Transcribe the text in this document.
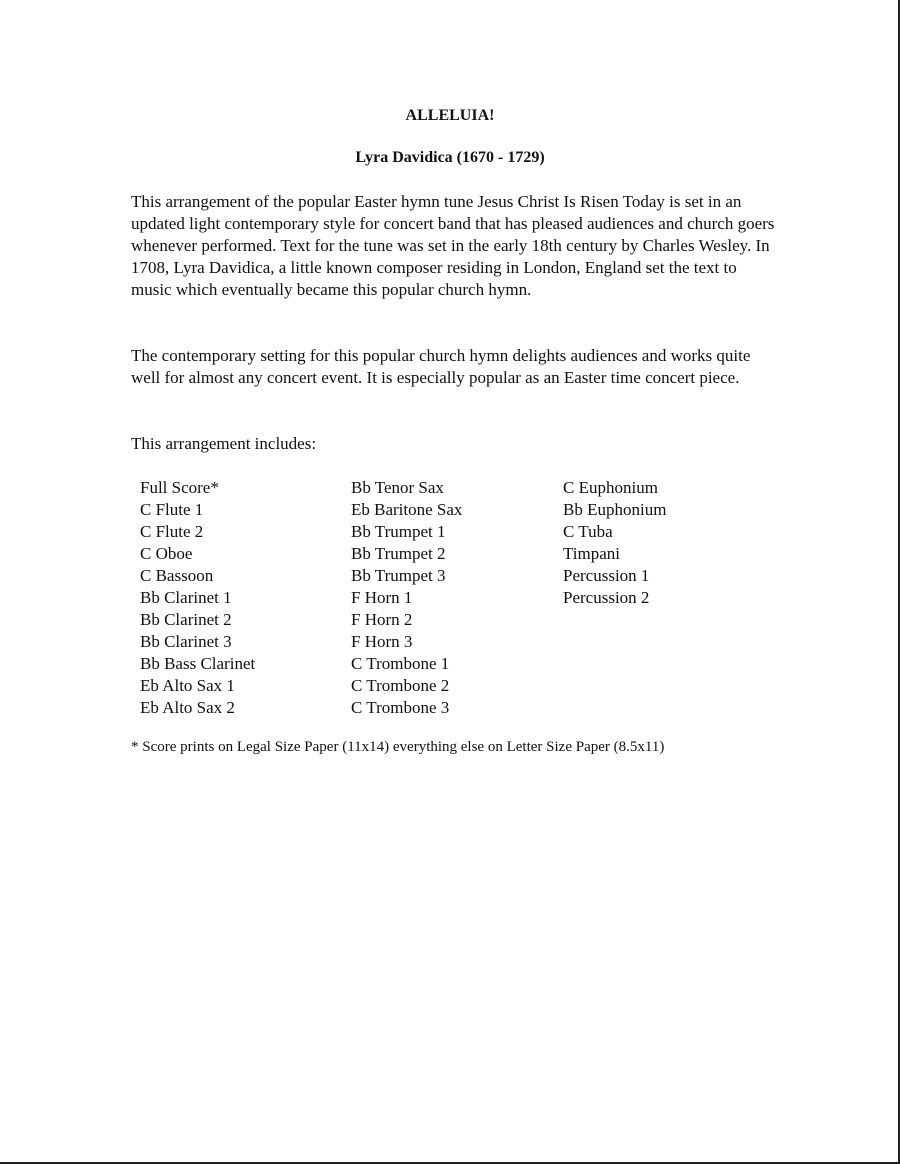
ALLELUIA!
Lyra Davidica (1670 - 1729)

This arrangement of the popular Easter hymn tune Jesus Christ Is Risen Today is set in an updated light contemporary style for concert band that has pleased audiences and church goers whenever performed. Text for the tune was set in the early 18th century by Charles Wesley. In 1708, Lyra Davidica, a little known composer residing in London, England set the text to music which eventually became this popular church hymn.

The contemporary setting for this popular church hymn delights audiences and works quite well for almost any concert event. It is especially popular as an Easter time concert piece.

This arrangement includes:
Full Score*
C Flute 1
C Flute 2
C Oboe
C Bassoon
Bb Clarinet 1
Bb Clarinet 2
Bb Clarinet 3
Bb Bass Clarinet
Eb Alto Sax 1
Eb Alto Sax 2
Bb Tenor Sax
Eb Baritone Sax
Bb Trumpet 1
Bb Trumpet 2
Bb Trumpet 3
F Horn 1
F Horn 2
F Horn 3
C Trombone 1
C Trombone 2
C Trombone 3
C Euphonium
Bb Euphonium
C Tuba
Timpani
Percussion 1
Percussion 2
* Score prints on Legal Size Paper (11x14) everything else on Letter Size Paper (8.5x11)
